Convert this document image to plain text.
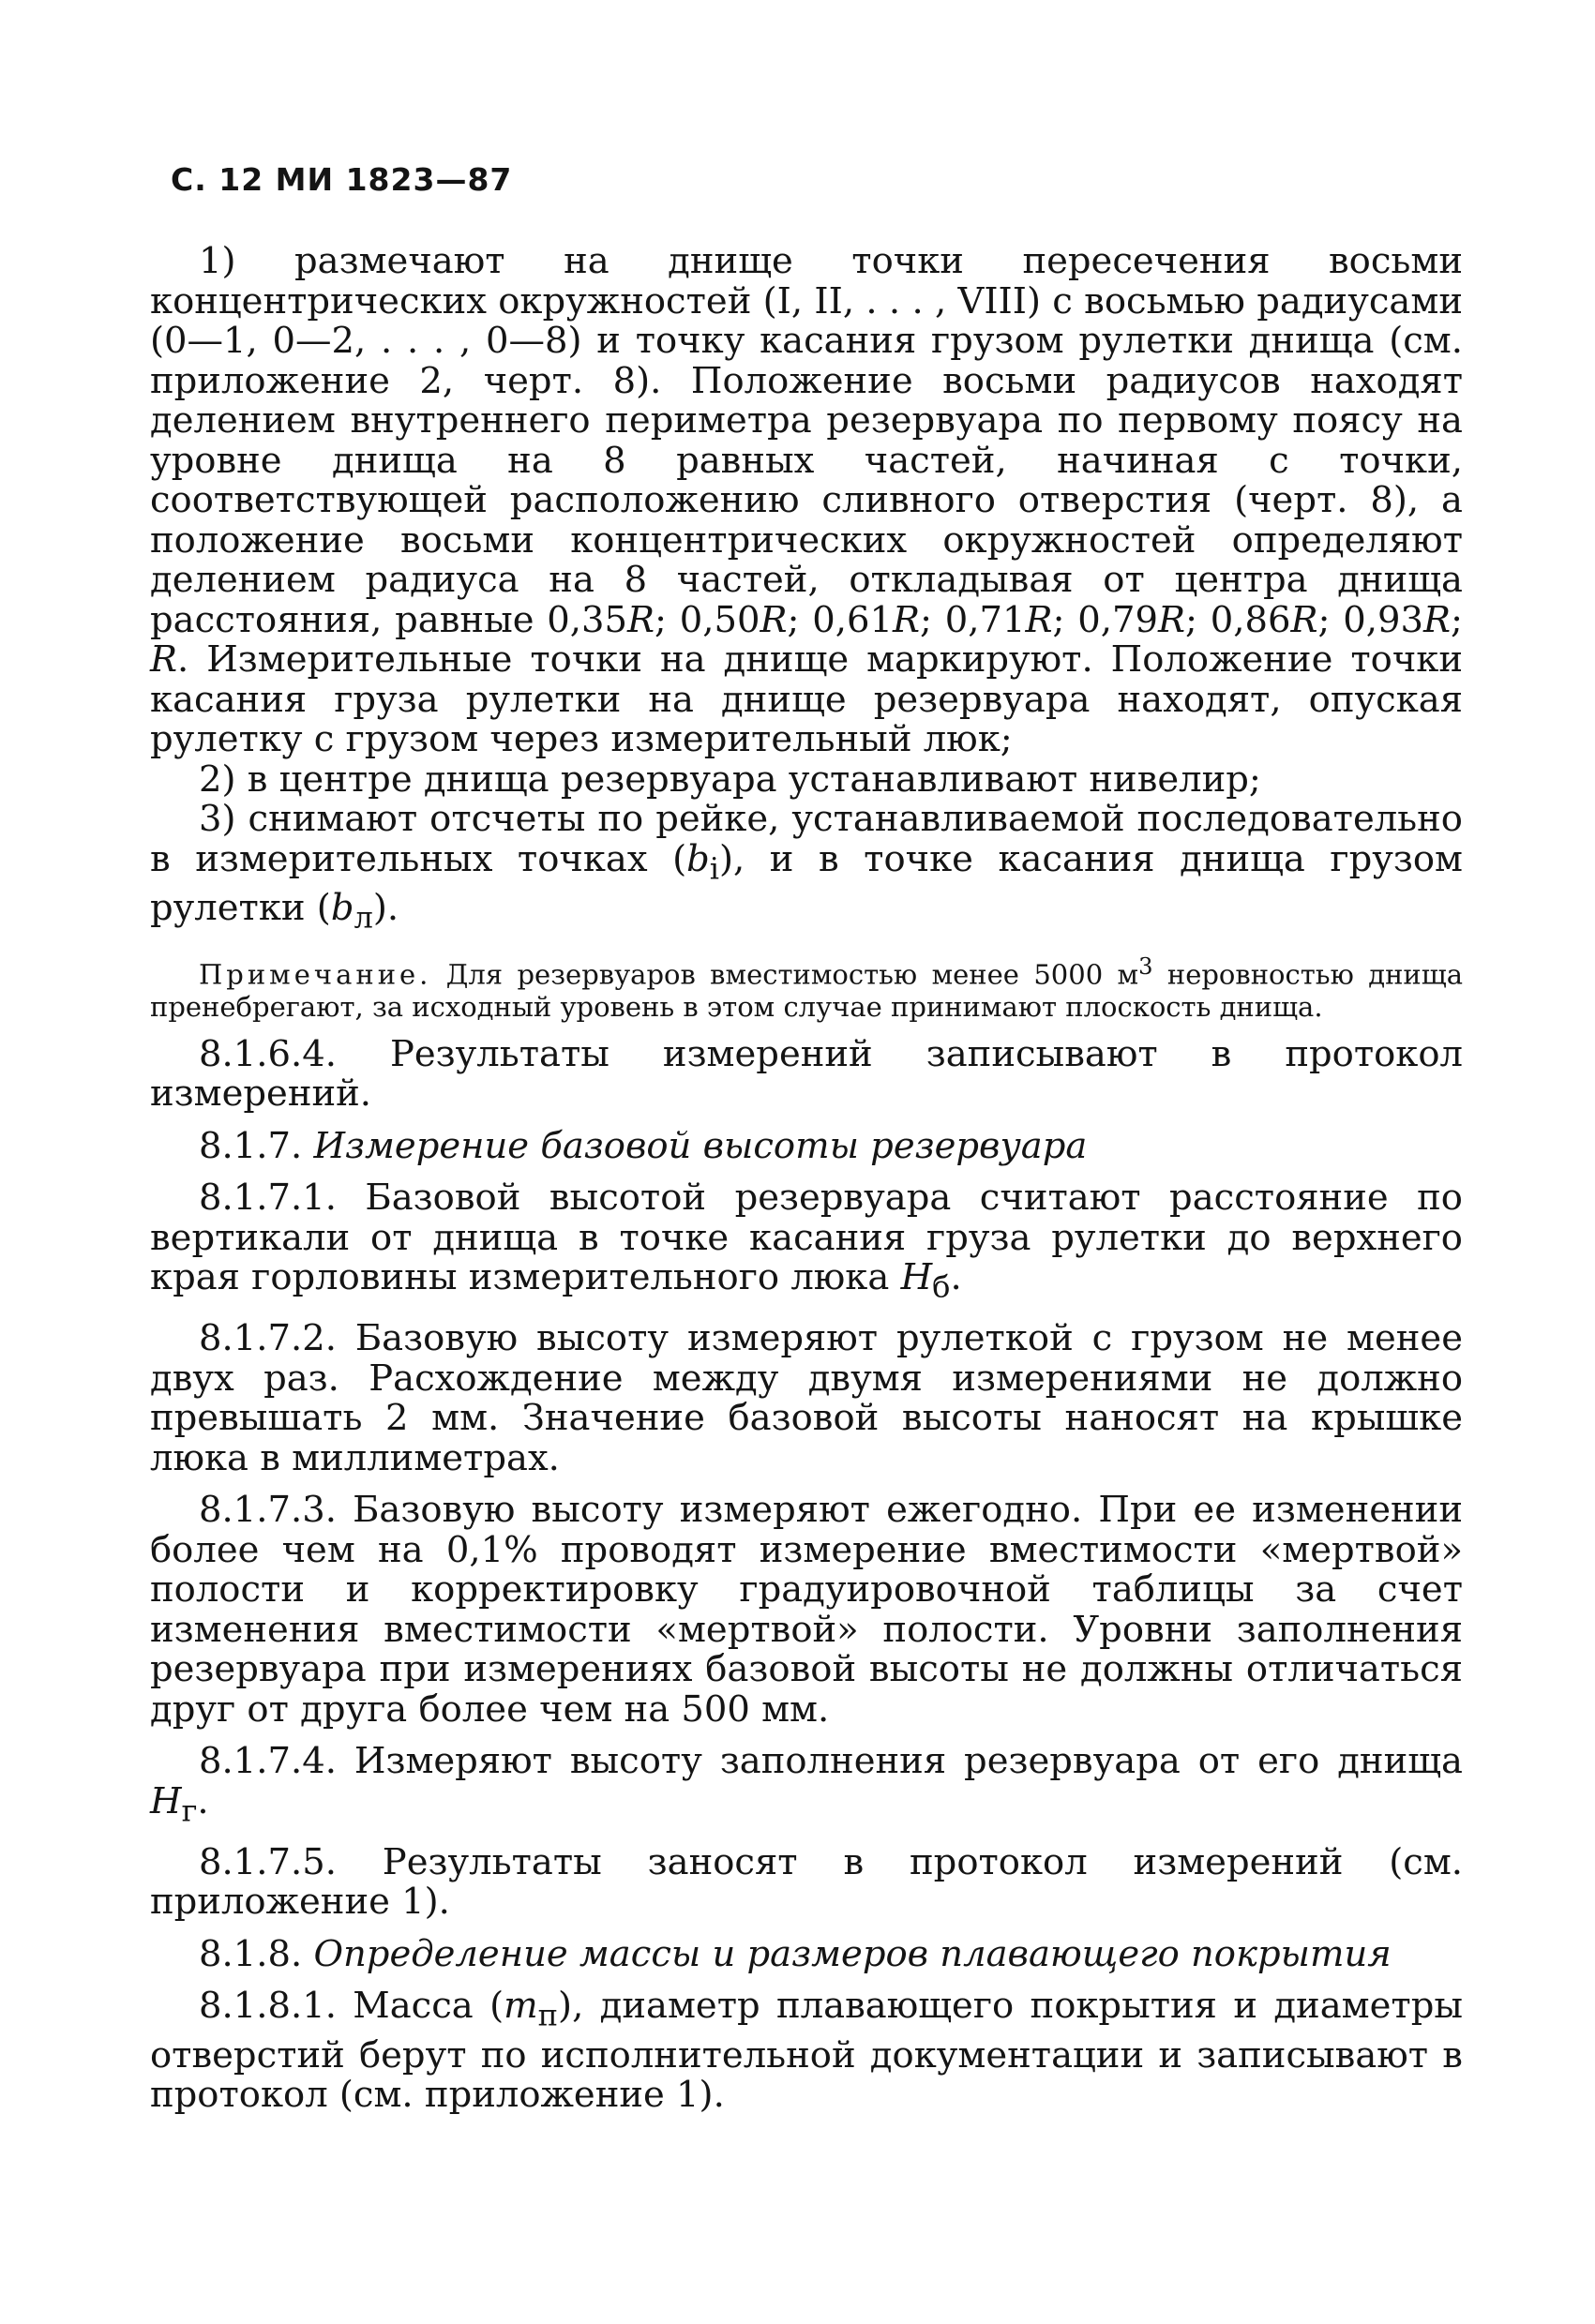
С. 12 МИ 1823—87

1) размечают на днище точки пересечения восьми концентрических окружностей (I, II, . . . , VIII) с восьмью радиусами (0—1, 0—2, . . . , 0—8) и точку касания грузом рулетки днища (см. приложение 2, черт. 8). Положение восьми радиусов находят делением внутреннего периметра резервуара по первому поясу на уровне днища на 8 равных частей, начиная с точки, соответствующей расположению сливного отверстия (черт. 8), а положение восьми концентрических окружностей определяют делением радиуса на 8 частей, откладывая от центра днища расстояния, равные 0,35R; 0,50R; 0,61R; 0,71R; 0,79R; 0,86R; 0,93R; R. Измерительные точки на днище маркируют. Положение точки касания груза рулетки на днище резервуара находят, опуская рулетку с грузом через измерительный люк;

2) в центре днища резервуара устанавливают нивелир;

3) снимают отсчеты по рейке, устанавливаемой последовательно в измерительных точках $(b_i)$, и в точке касания днища грузом рулетки $(b_л)$.

Примечание. Для резервуаров вместимостью менее 5000 $м^3$ неровностью днища пренебрегают, за исходный уровень в этом случае принимают плоскость днища.

8.1.6.4. Результаты измерений записывают в протокол измерений.

8.1.7. Измерение базовой высоты резервуара

8.1.7.1. Базовой высотой резервуара считают расстояние по вертикали от днища в точке касания груза рулетки до верхнего края горловины измерительного люка $H_б$.

8.1.7.2. Базовую высоту измеряют рулеткой с грузом не менее двух раз. Расхождение между двумя измерениями не должно превышать 2 мм. Значение базовой высоты наносят на крышке люка в миллиметрах.

8.1.7.3. Базовую высоту измеряют ежегодно. При ее изменении более чем на 0,1% проводят измерение вместимости «мертвой» полости и корректировку градуировочной таблицы за счет изменения вместимости «мертвой» полости. Уровни заполнения резервуара при измерениях базовой высоты не должны отличаться друг от друга более чем на 500 мм.

8.1.7.4. Измеряют высоту заполнения резервуара от его днища $H_г$.

8.1.7.5. Результаты заносят в протокол измерений (см. приложение 1).

8.1.8. Определение массы и размеров плавающего покрытия

8.1.8.1. Масса $(m_п)$, диаметр плавающего покрытия и диаметры отверстий берут по исполнительной документации и записывают в протокол (см. приложение 1).
